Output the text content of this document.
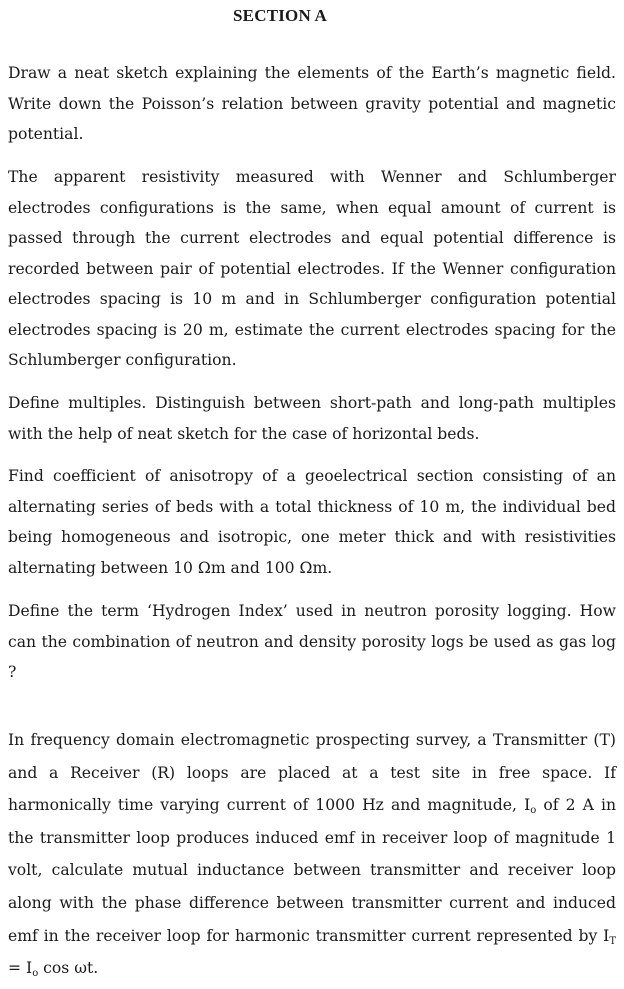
SECTION A

Draw a neat sketch explaining the elements of the Earth’s magnetic field. Write down the Poisson’s relation between gravity potential and magnetic potential.

The apparent resistivity measured with Wenner and Schlumberger electrodes configurations is the same, when equal amount of current is passed through the current electrodes and equal potential difference is recorded between pair of potential electrodes. If the Wenner configuration electrodes spacing is 10 m and in Schlumberger configuration potential electrodes spacing is 20 m, estimate the current electrodes spacing for the Schlumberger configuration.

Define multiples. Distinguish between short-path and long-path multiples with the help of neat sketch for the case of horizontal beds.

Find coefficient of anisotropy of a geoelectrical section consisting of an alternating series of beds with a total thickness of 10 m, the individual bed being homogeneous and isotropic, one meter thick and with resistivities alternating between 10 Ωm and 100 Ωm.

Define the term ‘Hydrogen Index’ used in neutron porosity logging. How can the combination of neutron and density porosity logs be used as gas log ?

In frequency domain electromagnetic prospecting survey, a Transmitter (T) and a Receiver (R) loops are placed at a test site in free space. If harmonically time varying current of 1000 Hz and magnitude, $I_o$ of 2 A in the transmitter loop produces induced emf in receiver loop of magnitude 1 volt, calculate mutual inductance between transmitter and receiver loop along with the phase difference between transmitter current and induced emf in the receiver loop for harmonic transmitter current represented by $I_T = I_o$ cos ωt.
